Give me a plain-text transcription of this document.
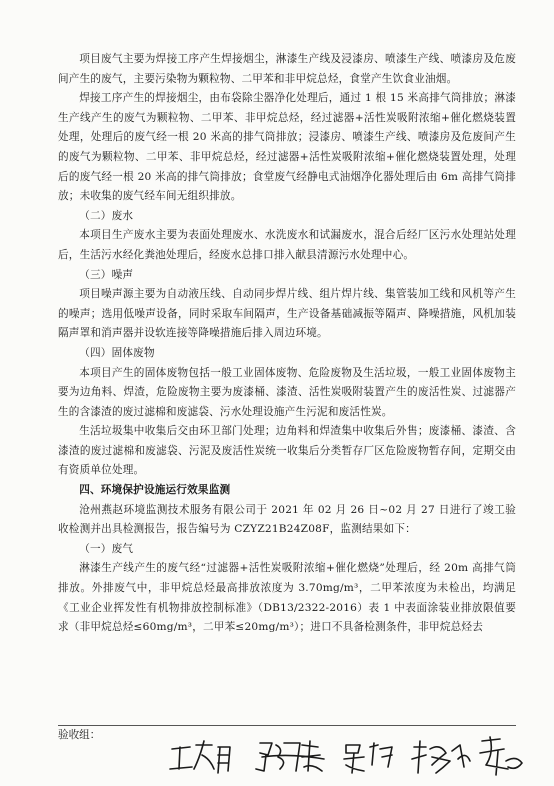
项目废气主要为焊接工序产生焊接烟尘，淋漆生产线及浸漆房、喷漆生产线、喷漆房及危废间产生的废气，主要污染物为颗粒物、二甲苯和非甲烷总烃，食堂产生饮食业油烟。

焊接工序产生的焊接烟尘，由布袋除尘器净化处理后，通过 1 根 15 米高排气筒排放；淋漆生产线产生的废气为颗粒物、二甲苯、非甲烷总烃，经过滤器+活性炭吸附浓缩+催化燃烧装置处理，处理后的废气经一根 20 米高的排气筒排放；浸漆房、喷漆生产线、喷漆房及危废间产生的废气为颗粒物、二甲苯、非甲烷总烃，经过滤器+活性炭吸附浓缩+催化燃烧装置处理，处理后的废气经一根 20 米高的排气筒排放；食堂废气经静电式油烟净化器处理后由 6m 高排气筒排放；未收集的废气经车间无组织排放。

（二）废水

本项目生产废水主要为表面处理废水、水洗废水和试漏废水，混合后经厂区污水处理站处理后，生活污水经化粪池处理后，经废水总排口排入献县清源污水处理中心。

（三）噪声

项目噪声源主要为自动液压线、自动同步焊片线、组片焊片线、集管装加工线和风机等产生的噪声；选用低噪声设备，同时采取车间隔声，生产设备基础减振等隔声、降噪措施，风机加装隔声罩和消声器并设软连接等降噪措施后排入周边环境。

（四）固体废物

本项目产生的固体废物包括一般工业固体废物、危险废物及生活垃圾，一般工业固体废物主要为边角料、焊渣，危险废物主要为废漆桶、漆渣、活性炭吸附装置产生的废活性炭、过滤器产生的含漆渣的废过滤棉和废滤袋、污水处理设施产生污泥和废活性炭。

生活垃圾集中收集后交由环卫部门处理；边角料和焊渣集中收集后外售；废漆桶、漆渣、含漆渣的废过滤棉和废滤袋、污泥及废活性炭统一收集后分类暂存厂区危险废物暂存间，定期交由有资质单位处理。

四、环境保护设施运行效果监测

沧州燕赵环境监测技术服务有限公司于 2021 年 02 月 26 日~02 月 27 日进行了竣工验收检测并出具检测报告，报告编号为 CZYZ21B24Z08F，监测结果如下：

（一）废气

淋漆生产线产生的废气经“过滤器+活性炭吸附浓缩+催化燃烧”处理后，经 20m 高排气筒排放。外排废气中，非甲烷总烃最高排放浓度为 3.70mg/m³，二甲苯浓度为未检出，均满足《工业企业挥发性有机物排放控制标准》（DB13/2322-2016）表 1 中表面涂装业排放限值要求（非甲烷总烃≤60mg/m³，二甲苯≤20mg/m³）；进口不具备检测条件，非甲烷总烃去

验收组：
